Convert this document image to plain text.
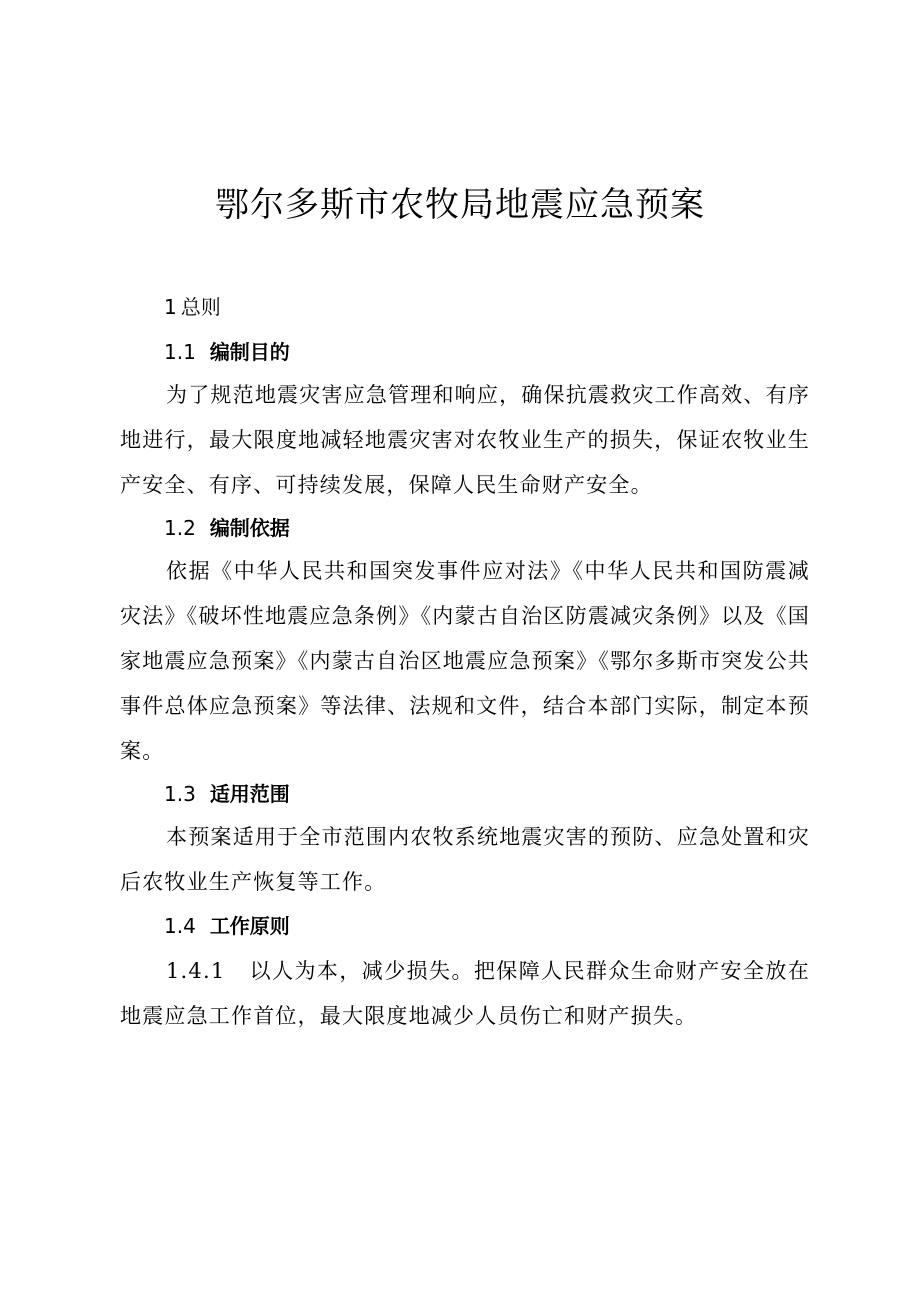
鄂尔多斯市农牧局地震应急预案
1 总则
1.1 编制目的
为了规范地震灾害应急管理和响应，确保抗震救灾工作高效、有序地进行，最大限度地减轻地震灾害对农牧业生产的损失，保证农牧业生产安全、有序、可持续发展，保障人民生命财产安全。
1.2 编制依据
依据《中华人民共和国突发事件应对法》《中华人民共和国防震减灾法》《破坏性地震应急条例》《内蒙古自治区防震减灾条例》以及《国家地震应急预案》《内蒙古自治区地震应急预案》《鄂尔多斯市突发公共事件总体应急预案》等法律、法规和文件，结合本部门实际，制定本预案。
1.3 适用范围
本预案适用于全市范围内农牧系统地震灾害的预防、应急处置和灾后农牧业生产恢复等工作。
1.4 工作原则
1.4.1 以人为本，减少损失。把保障人民群众生命财产安全放在地震应急工作首位，最大限度地减少人员伤亡和财产损失。
